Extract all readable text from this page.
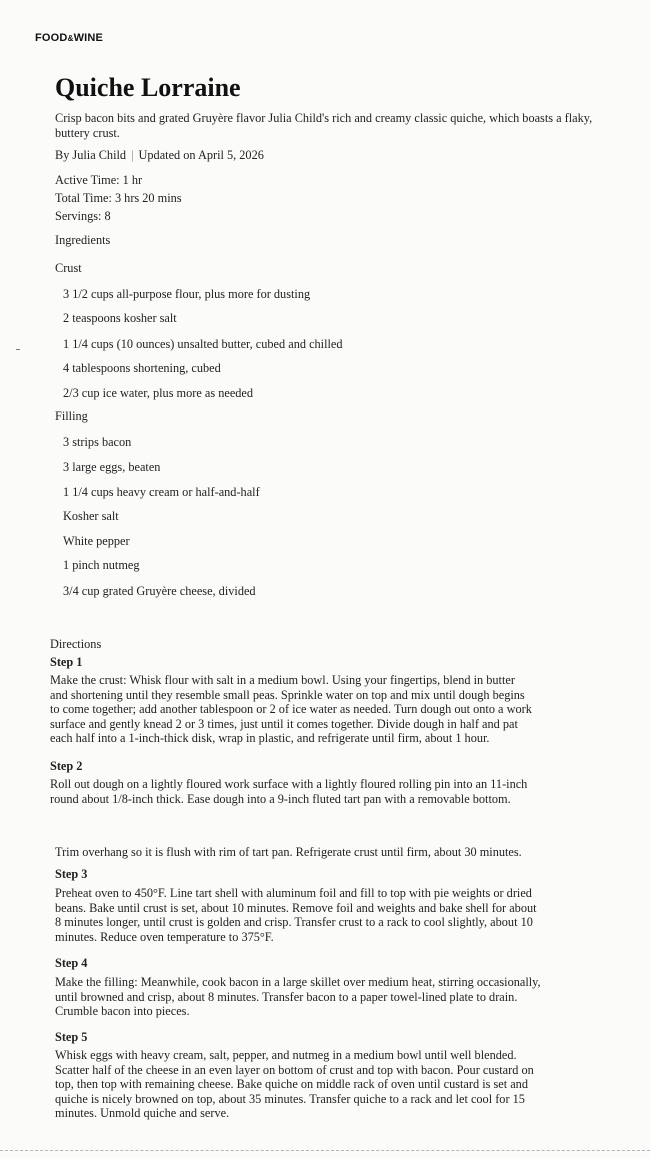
FOOD&WINE
Quiche Lorraine
Crisp bacon bits and grated Gruyère flavor Julia Child's rich and creamy classic quiche, which boasts a flaky, buttery crust.
By Julia Child | Updated on April 5, 2026
Active Time: 1 hr
Total Time: 3 hrs 20 mins
Servings: 8
Ingredients
Crust
3 1/2 cups all-purpose flour, plus more for dusting
2 teaspoons kosher salt
1 1/4 cups (10 ounces) unsalted butter, cubed and chilled
4 tablespoons shortening, cubed
2/3 cup ice water, plus more as needed
Filling
3 strips bacon
3 large eggs, beaten
1 1/4 cups heavy cream or half-and-half
Kosher salt
White pepper
1 pinch nutmeg
3/4 cup grated Gruyère cheese, divided
Directions
Step 1
Make the crust: Whisk flour with salt in a medium bowl. Using your fingertips, blend in butter
and shortening until they resemble small peas. Sprinkle water on top and mix until dough begins
to come together; add another tablespoon or 2 of ice water as needed. Turn dough out onto a work
surface and gently knead 2 or 3 times, just until it comes together. Divide dough in half and pat
each half into a 1-inch-thick disk, wrap in plastic, and refrigerate until firm, about 1 hour.
Step 2
Roll out dough on a lightly floured work surface with a lightly floured rolling pin into an 11-inch
round about 1/8-inch thick. Ease dough into a 9-inch fluted tart pan with a removable bottom.
Trim overhang so it is flush with rim of tart pan. Refrigerate crust until firm, about 30 minutes.
Step 3
Preheat oven to 450°F. Line tart shell with aluminum foil and fill to top with pie weights or dried
beans. Bake until crust is set, about 10 minutes. Remove foil and weights and bake shell for about
8 minutes longer, until crust is golden and crisp. Transfer crust to a rack to cool slightly, about 10
minutes. Reduce oven temperature to 375°F.
Step 4
Make the filling: Meanwhile, cook bacon in a large skillet over medium heat, stirring occasionally,
until browned and crisp, about 8 minutes. Transfer bacon to a paper towel-lined plate to drain.
Crumble bacon into pieces.
Step 5
Whisk eggs with heavy cream, salt, pepper, and nutmeg in a medium bowl until well blended.
Scatter half of the cheese in an even layer on bottom of crust and top with bacon. Pour custard on
top, then top with remaining cheese. Bake quiche on middle rack of oven until custard is set and
quiche is nicely browned on top, about 35 minutes. Transfer quiche to a rack and let cool for 15
minutes. Unmold quiche and serve.
